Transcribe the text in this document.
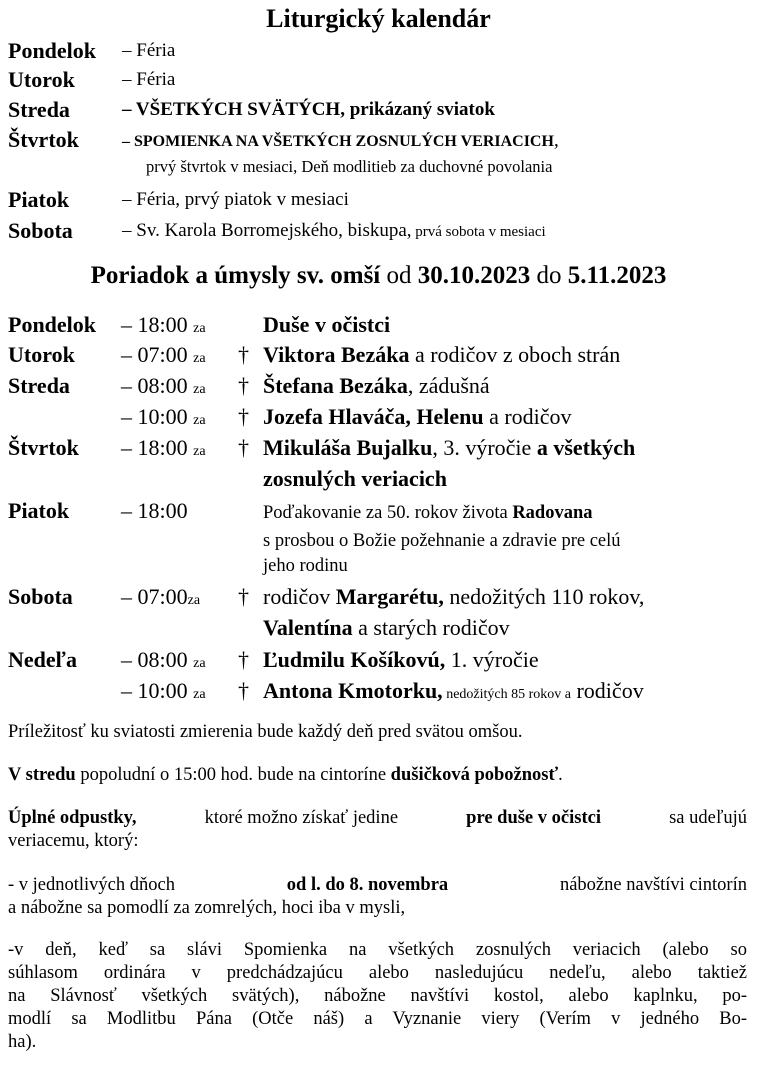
Liturgický kalendár
Pondelok – Féria
Utorok – Féria
Streda	– VŠETKÝCH SVÄTÝCH, prikázaný sviatok
Štvrtok	– SPOMIENKA NA VŠETKÝCH ZOSNULÝCH VERIACICH,
prvý štvrtok v mesiaci, Deň modlitieb za duchovné povolania
Piatok	– Féria, prvý piatok v mesiaci
Sobota	– Sv. Karola Borromejského, biskupa, prvá sobota v mesiaci
Poriadok a úmysly sv. omší od 30.10.2023 do 5.11.2023
Pondelok – 18:00 za	Duše v očistci
Utorok – 07:00 za † Viktora Bezáka a rodičov z oboch strán
Streda – 08:00 za † Štefana Bezáka, zádušná
– 10:00 za † Jozefa Hlaváča, Helenu a rodičov
Štvrtok – 18:00 za † Mikuláša Bujalku, 3. výročie a všetkých
zosnulých veriacich
Piatok – 18:00	Poďakovanie za 50. rokov života Radovana
s prosbou o Božie požehnanie a zdravie pre celú
jeho rodinu
Sobota – 07:00za † rodičov Margarétu, nedožitých 110 rokov,
Valentína a starých rodičov
Nedeľa – 08:00 za † Ľudmilu Košíkovú, 1. výročie
– 10:00 za † Antona Kmotorku, nedožitých 85 rokov a rodičov
Príležitosť ku sviatosti zmierenia bude každý deň pred svätou omšou.
V stredu popoludní o 15:00 hod. bude na cintoríne dušičková pobožnosť.
Úplné odpustky,	ktoré možno získať jedine	pre duše v očistci	sa udeľujú
veriacemu, ktorý:
- v jednotlivých dňoch	od l. do 8. novembra	nábožne navštívi cintorín
a nábožne sa pomodlí za zomrelých, hoci iba v mysli,
-v deň, keď sa slávi Spomienka na všetkých zosnulých veriacich (alebo so
súhlasom ordinára v predchádzajúcu alebo nasledujúcu nedeľu, alebo taktiež
na Slávnosť všetkých svätých), nábožne navštívi kostol, alebo kaplnku, po-
modlí sa Modlitbu Pána (Otče náš) a Vyznanie viery (Verím v jedného Bo-
ha).
